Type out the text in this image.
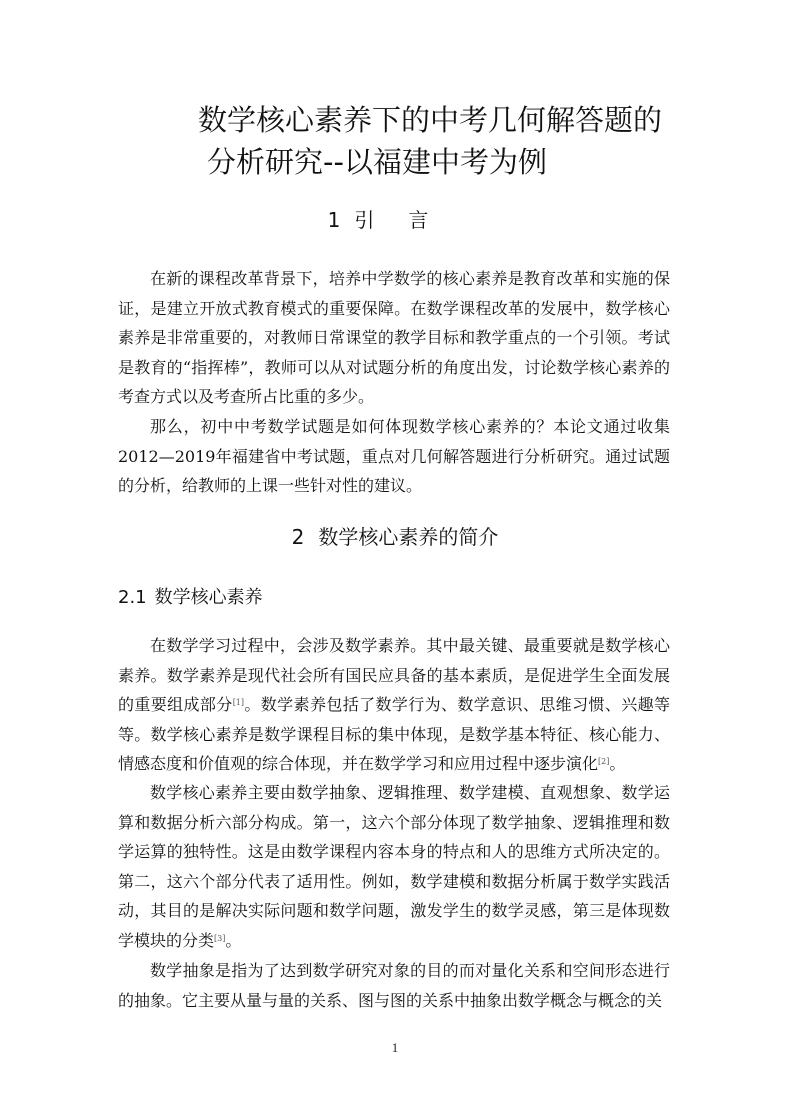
数学核心素养下的中考几何解答题的
分析研究--以福建中考为例
1 引言

在新的课程改革背景下，培养中学数学的核心素养是教育改革和实施的保证，是建立开放式教育模式的重要保障。在数学课程改革的发展中，数学核心素养是非常重要的，对教师日常课堂的教学目标和教学重点的一个引领。考试是教育的“指挥棒”，教师可以从对试题分析的角度出发，讨论数学核心素养的考查方式以及考查所占比重的多少。

那么，初中中考数学试题是如何体现数学核心素养的？本论文通过收集2012—2019年福建省中考试题，重点对几何解答题进行分析研究。通过试题的分析，给教师的上课一些针对性的建议。

2 数学核心素养的简介
2.1 数学核心素养

在数学学习过程中，会涉及数学素养。其中最关键、最重要就是数学核心素养。数学素养是现代社会所有国民应具备的基本素质，是促进学生全面发展的重要组成部分[1]。数学素养包括了数学行为、数学意识、思维习惯、兴趣等等。数学核心素养是数学课程目标的集中体现，是数学基本特征、核心能力、情感态度和价值观的综合体现，并在数学学习和应用过程中逐步演化[2]。

数学核心素养主要由数学抽象、逻辑推理、数学建模、直观想象、数学运算和数据分析六部分构成。第一，这六个部分体现了数学抽象、逻辑推理和数学运算的独特性。这是由数学课程内容本身的特点和人的思维方式所决定的。第二，这六个部分代表了适用性。例如，数学建模和数据分析属于数学实践活动，其目的是解决实际问题和数学问题，激发学生的数学灵感，第三是体现数学模块的分类[3]。

数学抽象是指为了达到数学研究对象的目的而对量化关系和空间形态进行的抽象。它主要从量与量的关系、图与图的关系中抽象出数学概念与概念的关

1
